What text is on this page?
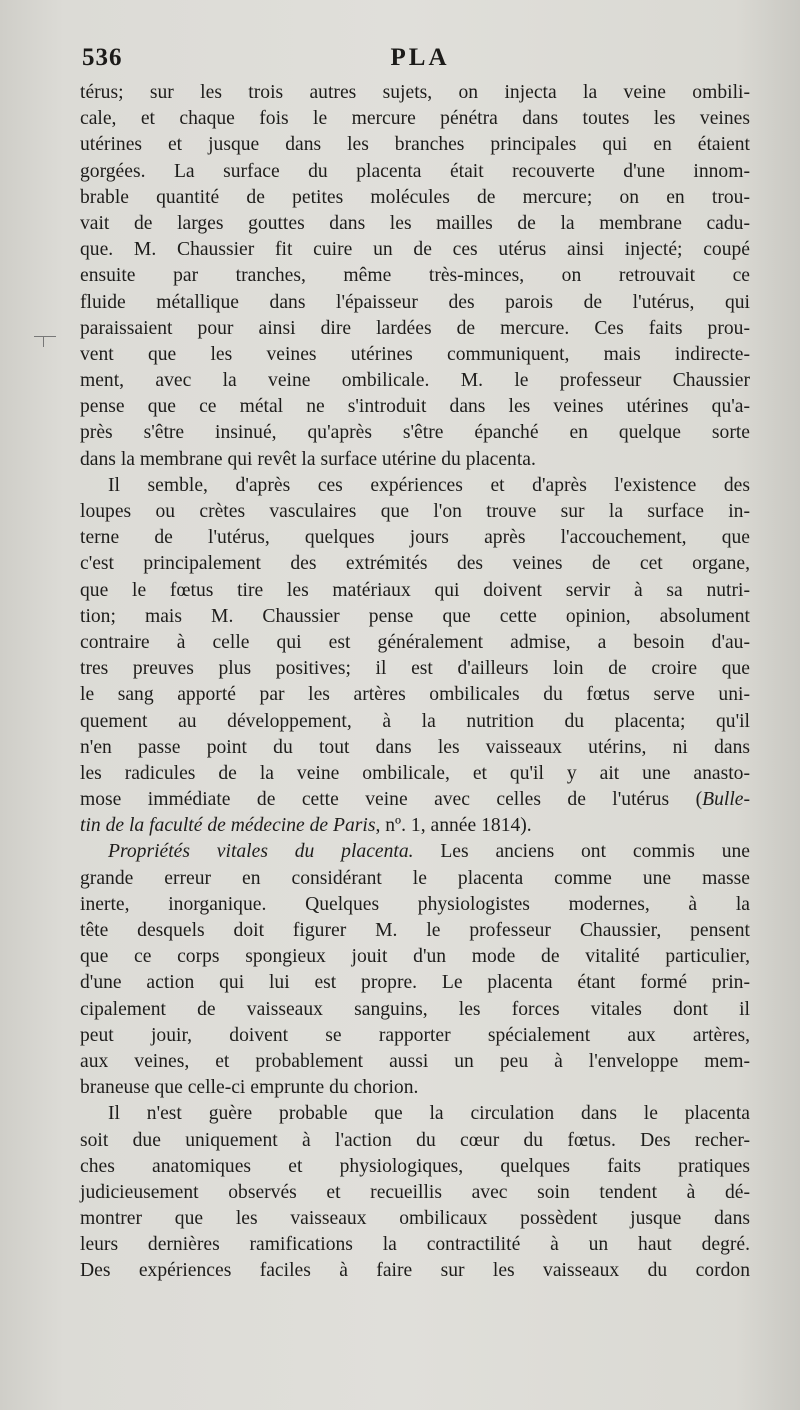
536	PLA
térus; sur les trois autres sujets, on injecta la veine ombili-
cale, et chaque fois le mercure pénétra dans toutes les veines
utérines et jusque dans les branches principales qui en étaient
gorgées. La surface du placenta était recouverte d'une innom-
brable quantité de petites molécules de mercure; on en trou-
vait de larges gouttes dans les mailles de la membrane cadu-
que. M. Chaussier fit cuire un de ces utérus ainsi injecté; coupé
ensuite par tranches, même très-minces, on retrouvait ce
fluide métallique dans l'épaisseur des parois de l'utérus, qui
paraissaient pour ainsi dire lardées de mercure. Ces faits prou-
vent que les veines utérines communiquent, mais indirecte-
ment, avec la veine ombilicale. M. le professeur Chaussier
pense que ce métal ne s'introduit dans les veines utérines qu'a-
près s'être insinué, qu'après s'être épanché en quelque sorte
dans la membrane qui revêt la surface utérine du placenta.
Il semble, d'après ces expériences et d'après l'existence des
loupes ou crètes vasculaires que l'on trouve sur la surface in-
terne de l'utérus, quelques jours après l'accouchement, que
c'est principalement des extrémités des veines de cet organe,
que le fœtus tire les matériaux qui doivent servir à sa nutri-
tion; mais M. Chaussier pense que cette opinion, absolument
contraire à celle qui est généralement admise, a besoin d'au-
tres preuves plus positives; il est d'ailleurs loin de croire que
le sang apporté par les artères ombilicales du fœtus serve uni-
quement au développement, à la nutrition du placenta; qu'il
n'en passe point du tout dans les vaisseaux utérins, ni dans
les radicules de la veine ombilicale, et qu'il y ait une anasto-
mose immédiate de cette veine avec celles de l'utérus (Bulle-
tin de la faculté de médecine de Paris, nº. 1, année 1814).
Propriétés vitales du placenta. Les anciens ont commis une
grande erreur en considérant le placenta comme une masse
inerte, inorganique. Quelques physiologistes modernes, à la
tête desquels doit figurer M. le professeur Chaussier, pensent
que ce corps spongieux jouit d'un mode de vitalité particulier,
d'une action qui lui est propre. Le placenta étant formé prin-
cipalement de vaisseaux sanguins, les forces vitales dont il
peut jouir, doivent se rapporter spécialement aux artères,
aux veines, et probablement aussi un peu à l'enveloppe mem-
braneuse que celle-ci emprunte du chorion.
Il n'est guère probable que la circulation dans le placenta
soit due uniquement à l'action du cœur du fœtus. Des recher-
ches anatomiques et physiologiques, quelques faits pratiques
judicieusement observés et recueillis avec soin tendent à dé-
montrer que les vaisseaux ombilicaux possèdent jusque dans
leurs dernières ramifications la contractilité à un haut degré.
Des expériences faciles à faire sur les vaisseaux du cordon
